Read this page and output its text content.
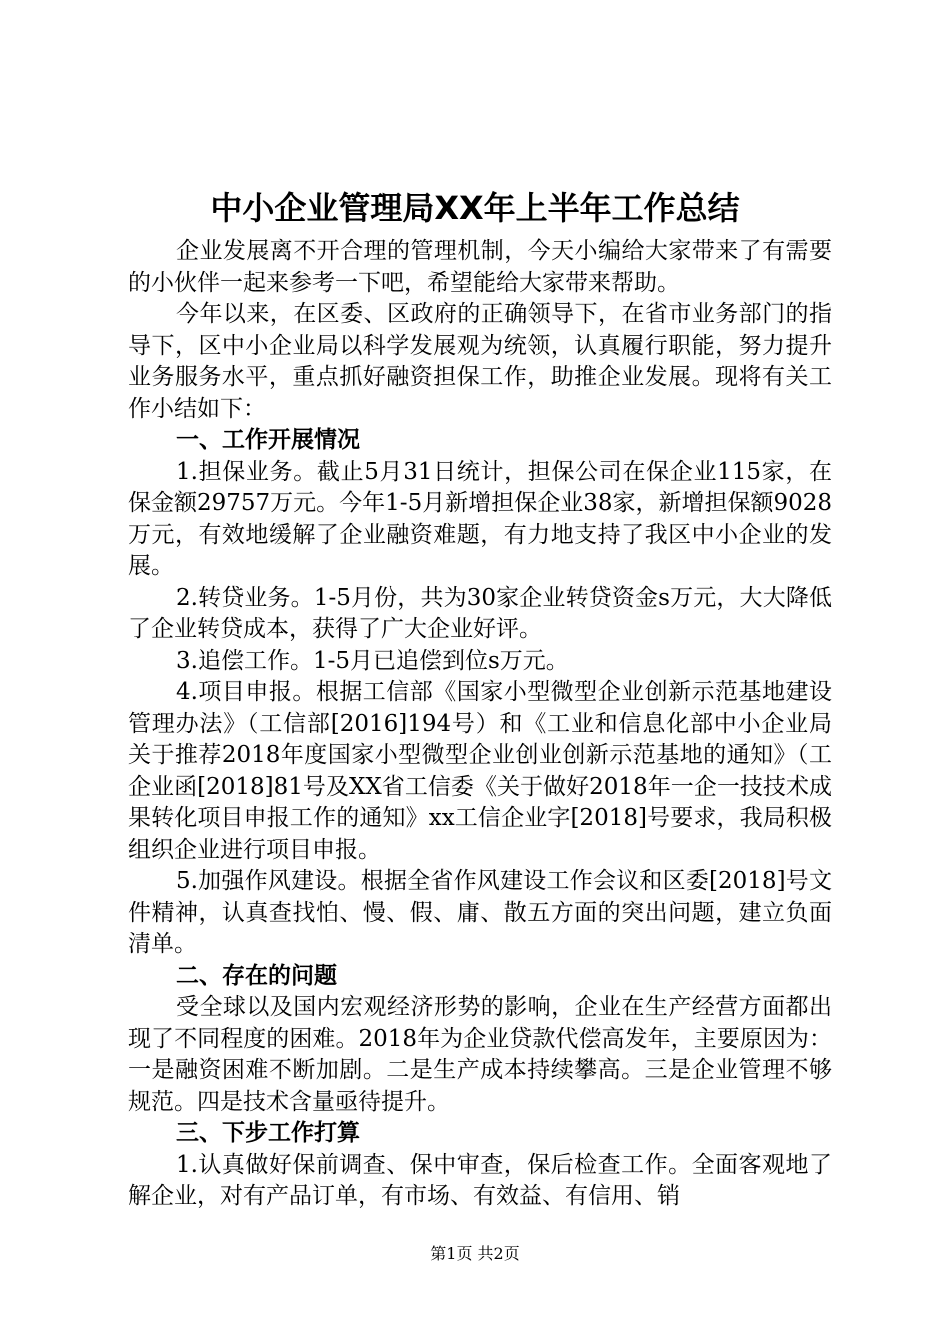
中小企业管理局XX年上半年工作总结

企业发展离不开合理的管理机制，今天小编给大家带来了有需要的小伙伴一起来参考一下吧，希望能给大家带来帮助。

今年以来，在区委、区政府的正确领导下，在省市业务部门的指导下，区中小企业局以科学发展观为统领，认真履行职能，努力提升业务服务水平，重点抓好融资担保工作，助推企业发展。现将有关工作小结如下：

一、工作开展情况

1.担保业务。截止5月31日统计，担保公司在保企业115家，在保金额29757万元。今年1-5月新增担保企业38家，新增担保额9028万元，有效地缓解了企业融资难题，有力地支持了我区中小企业的发展。

2.转贷业务。1-5月份，共为30家企业转贷资金s万元，大大降低了企业转贷成本，获得了广大企业好评。

3.追偿工作。1-5月已追偿到位s万元。

4.项目申报。根据工信部《国家小型微型企业创新示范基地建设管理办法》（工信部[2016]194号）和《工业和信息化部中小企业局关于推荐2018年度国家小型微型企业创业创新示范基地的通知》（工企业函[2018]81号及XX省工信委《关于做好2018年一企一技技术成果转化项目申报工作的通知》xx工信企业字[2018]号要求，我局积极组织企业进行项目申报。

5.加强作风建设。根据全省作风建设工作会议和区委[2018]号文件精神，认真查找怕、慢、假、庸、散五方面的突出问题，建立负面清单。

二、存在的问题

受全球以及国内宏观经济形势的影响，企业在生产经营方面都出现了不同程度的困难。2018年为企业贷款代偿高发年，主要原因为：一是融资困难不断加剧。二是生产成本持续攀高。三是企业管理不够规范。四是技术含量亟待提升。

三、下步工作打算

1.认真做好保前调查、保中审查，保后检查工作。全面客观地了解企业，对有产品订单，有市场、有效益、有信用、销

第1页 共2页
